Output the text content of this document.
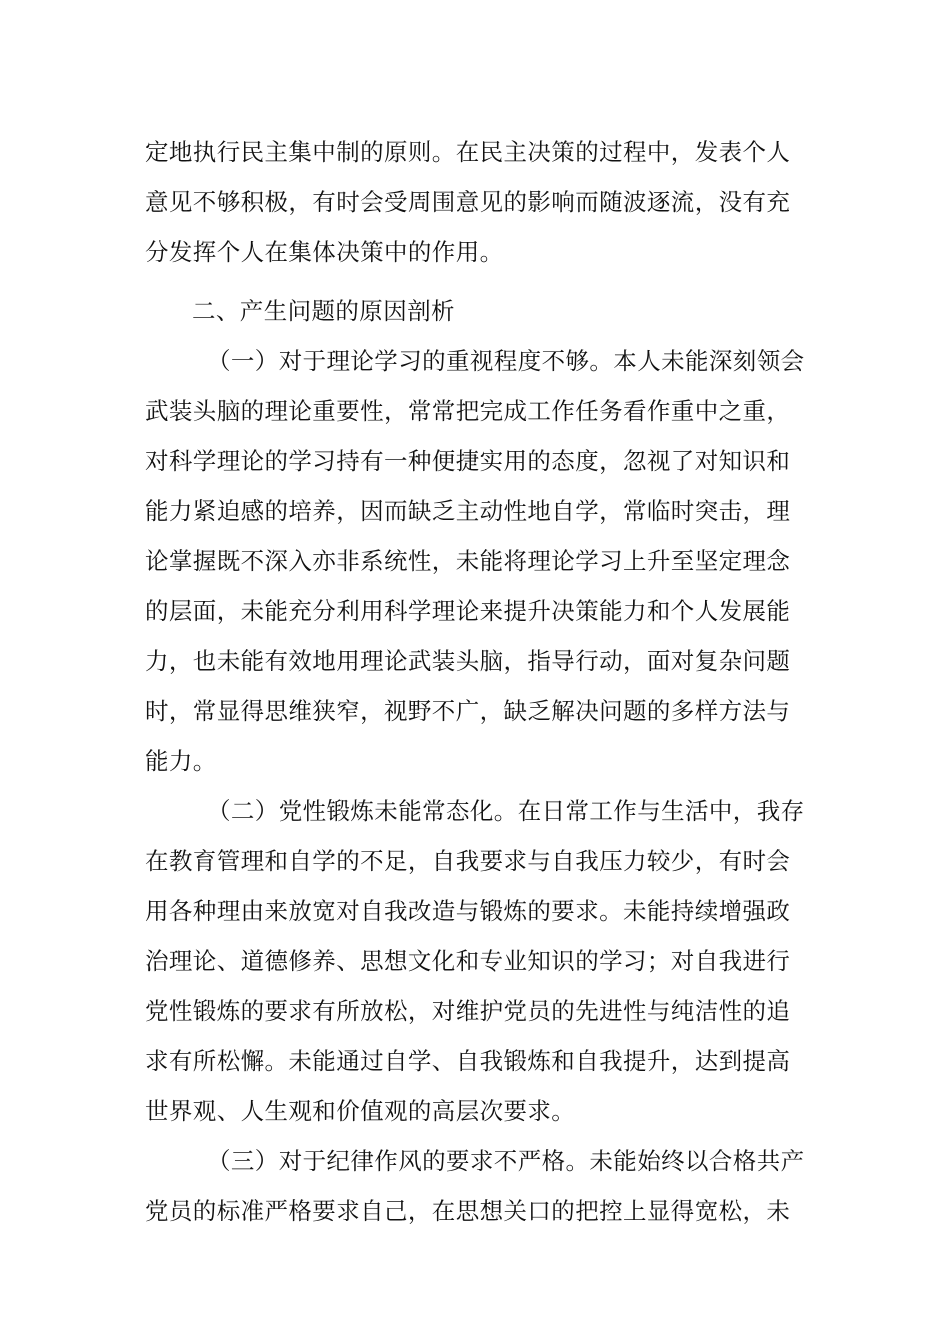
定地执行民主集中制的原则。在民主决策的过程中，发表个人
意见不够积极，有时会受周围意见的影响而随波逐流，没有充
分发挥个人在集体决策中的作用。
二、产生问题的原因剖析
（一）对于理论学习的重视程度不够。本人未能深刻领会
武装头脑的理论重要性，常常把完成工作任务看作重中之重，
对科学理论的学习持有一种便捷实用的态度，忽视了对知识和
能力紧迫感的培养，因而缺乏主动性地自学，常临时突击，理
论掌握既不深入亦非系统性，未能将理论学习上升至坚定理念
的层面，未能充分利用科学理论来提升决策能力和个人发展能
力，也未能有效地用理论武装头脑，指导行动，面对复杂问题
时，常显得思维狭窄，视野不广，缺乏解决问题的多样方法与
能力。
（二）党性锻炼未能常态化。在日常工作与生活中，我存
在教育管理和自学的不足，自我要求与自我压力较少，有时会
用各种理由来放宽对自我改造与锻炼的要求。未能持续增强政
治理论、道德修养、思想文化和专业知识的学习；对自我进行
党性锻炼的要求有所放松，对维护党员的先进性与纯洁性的追
求有所松懈。未能通过自学、自我锻炼和自我提升，达到提高
世界观、人生观和价值观的高层次要求。
（三）对于纪律作风的要求不严格。未能始终以合格共产
党员的标准严格要求自己，在思想关口的把控上显得宽松，未
